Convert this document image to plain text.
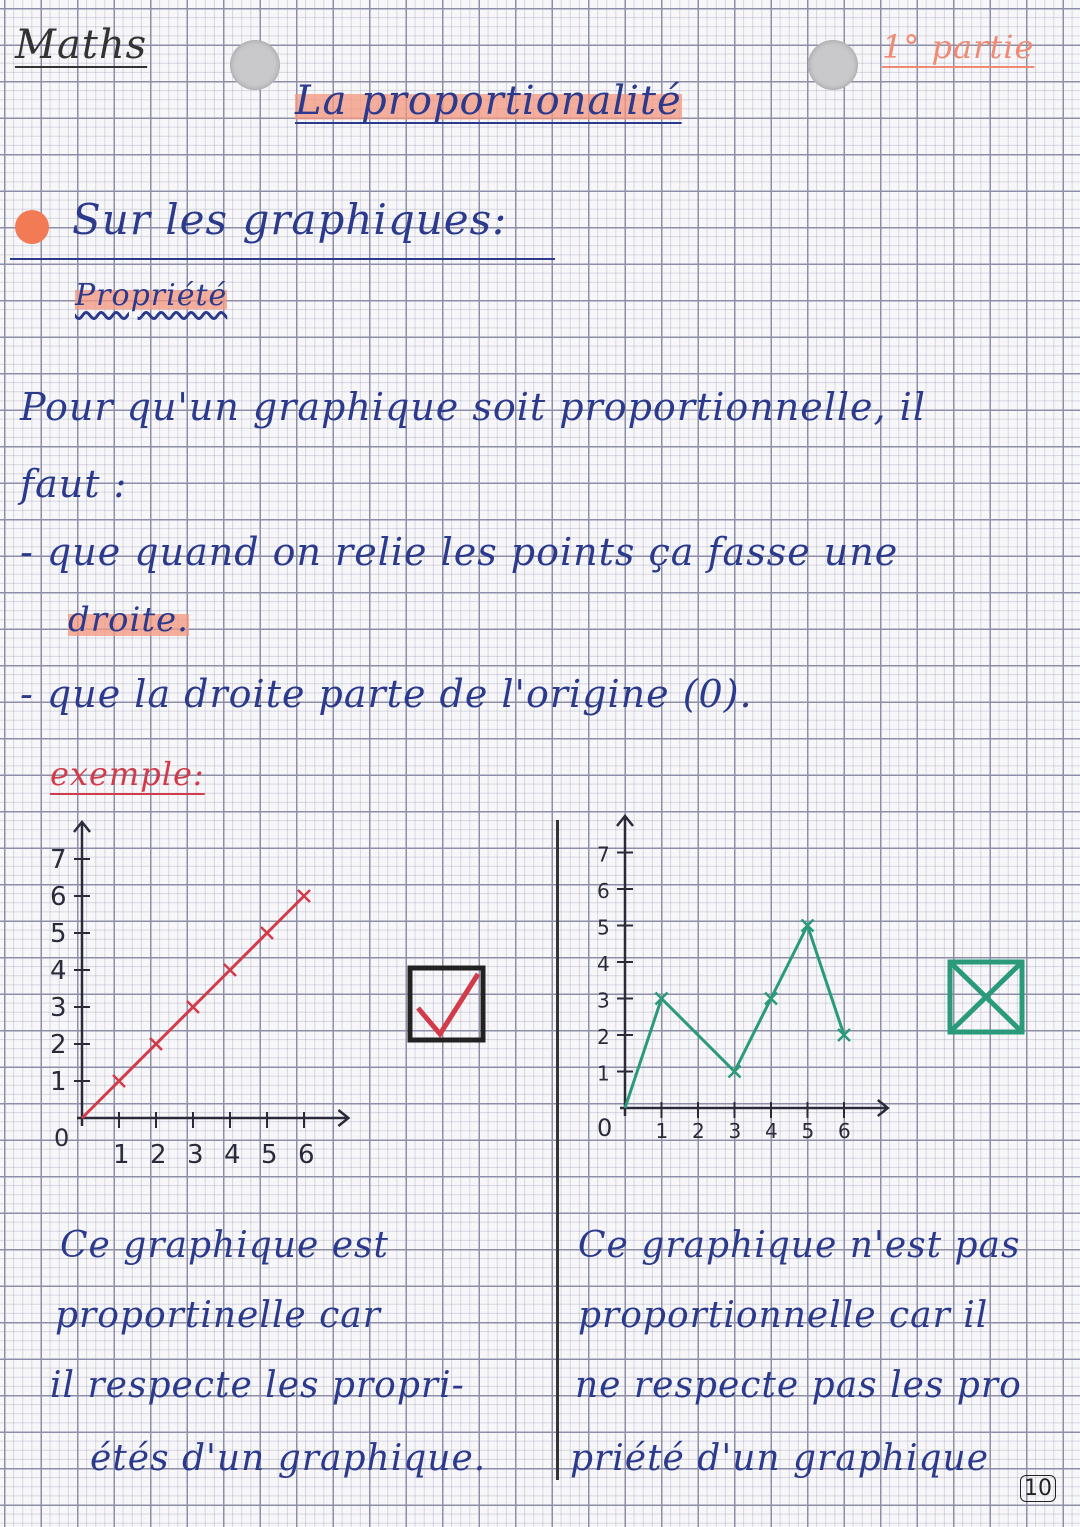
Maths	1° partie
La proportionalité
Sur les graphiques:
Propriété
Pour qu'un graphique soit proportionnelle, il
faut :
- que quand on relie les points ça fasse une
droite.
- que la droite parte de l'origine (0).
exemple:
0
1 2 3 4 5 6
1
2
3
4
5
6
7
0 1 2 3 4 5 6
1
2
3
4
5
6
7
Ce graphique est
proportinelle car
il respecte les propri-
étés d'un graphique.
Ce graphique n'est pas
proportionnelle car il
ne respecte pas les pro
priété d'un graphique
10
